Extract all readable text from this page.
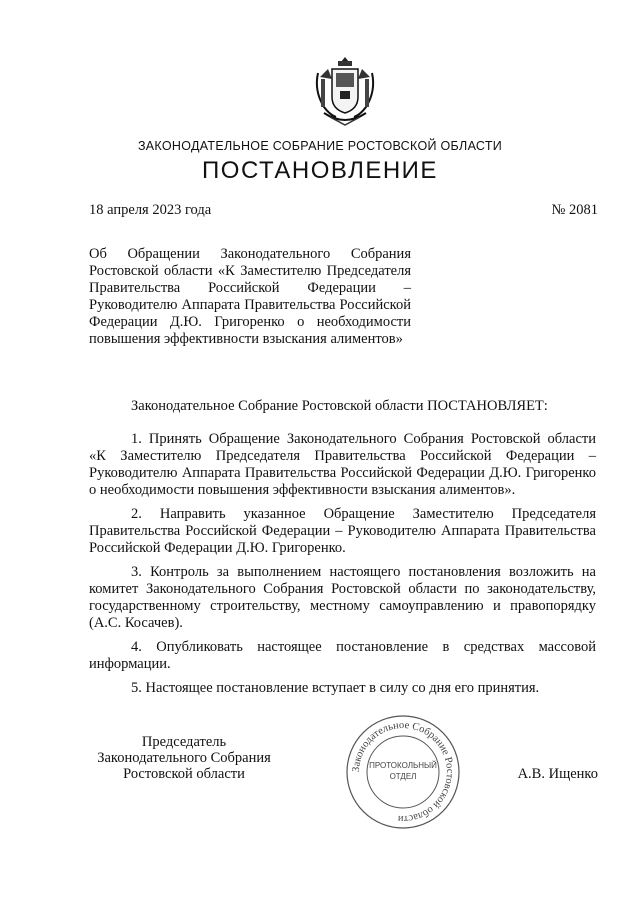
ЗАКОНОДАТЕЛЬНОЕ СОБРАНИЕ РОСТОВСКОЙ ОБЛАСТИ
ПОСТАНОВЛЕНИЕ
18 апреля 2023 года	№ 2081
Об Обращении Законодательного Собрания Ростовской области «К Заместителю Председателя Правительства Российской Федерации – Руководителю Аппарата Правительства Российской Федерации Д.Ю. Григоренко о необходимости повышения эффективности взыскания алиментов»
Законодательное Собрание Ростовской области ПОСТАНОВЛЯЕТ:

1. Принять Обращение Законодательного Собрания Ростовской области «К Заместителю Председателя Правительства Российской Федерации – Руководителю Аппарата Правительства Российской Федерации Д.Ю. Григоренко о необходимости повышения эффективности взыскания алиментов».

2. Направить указанное Обращение Заместителю Председателя Правительства Российской Федерации – Руководителю Аппарата Правительства Российской Федерации Д.Ю. Григоренко.

3. Контроль за выполнением настоящего постановления возложить на комитет Законодательного Собрания Ростовской области по законодательству, государственному строительству, местному самоуправлению и правопорядку (А.С. Косачев).

4. Опубликовать настоящее постановление в средствах массовой информации.

5. Настоящее постановление вступает в силу со дня его принятия.

Председатель
Законодательного Собрания
Ростовской области	Законодательное Собрание Ростовской области
ПРОТОКОЛЬНЫЙ
ОТДЕЛ	А.В. Ищенко
